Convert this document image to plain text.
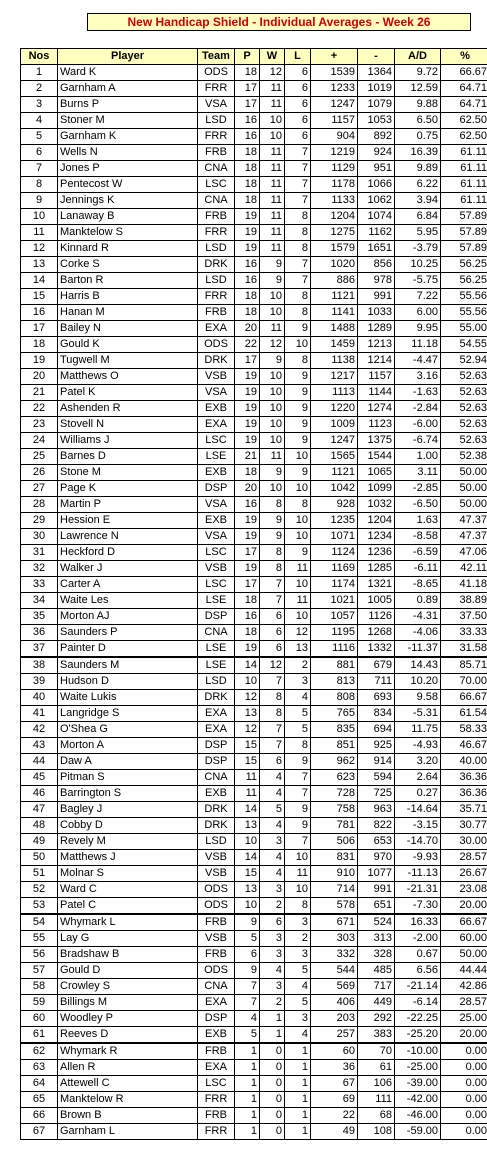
New Handicap Shield - Individual Averages - Week 26
Nos	Player	Team	P	W	L	+	-	A/D	%
1	Ward K	ODS	18	12	6	1539	1364	9.72	66.67
2	Garnham A	FRR	17	11	6	1233	1019	12.59	64.71
3	Burns P	VSA	17	11	6	1247	1079	9.88	64.71
4	Stoner M	LSD	16	10	6	1157	1053	6.50	62.50
5	Garnham K	FRR	16	10	6	904	892	0.75	62.50
6	Wells N	FRB	18	11	7	1219	924	16.39	61.11
7	Jones P	CNA	18	11	7	1129	951	9.89	61.11
8	Pentecost W	LSC	18	11	7	1178	1066	6.22	61.11
9	Jennings K	CNA	18	11	7	1133	1062	3.94	61.11
10	Lanaway B	FRB	19	11	8	1204	1074	6.84	57.89
11	Manktelow S	FRR	19	11	8	1275	1162	5.95	57.89
12	Kinnard R	LSD	19	11	8	1579	1651	-3.79	57.89
13	Corke S	DRK	16	9	7	1020	856	10.25	56.25
14	Barton R	LSD	16	9	7	886	978	-5.75	56.25
15	Harris B	FRR	18	10	8	1121	991	7.22	55.56
16	Hanan M	FRB	18	10	8	1141	1033	6.00	55.56
17	Bailey N	EXA	20	11	9	1488	1289	9.95	55.00
18	Gould K	ODS	22	12	10	1459	1213	11.18	54.55
19	Tugwell M	DRK	17	9	8	1138	1214	-4.47	52.94
20	Matthews O	VSB	19	10	9	1217	1157	3.16	52.63
21	Patel K	VSA	19	10	9	1113	1144	-1.63	52.63
22	Ashenden R	EXB	19	10	9	1220	1274	-2.84	52.63
23	Stovell N	EXA	19	10	9	1009	1123	-6.00	52.63
24	Williams J	LSC	19	10	9	1247	1375	-6.74	52.63
25	Barnes D	LSE	21	11	10	1565	1544	1.00	52.38
26	Stone M	EXB	18	9	9	1121	1065	3.11	50.00
27	Page K	DSP	20	10	10	1042	1099	-2.85	50.00
28	Martin P	VSA	16	8	8	928	1032	-6.50	50.00
29	Hession E	EXB	19	9	10	1235	1204	1.63	47.37
30	Lawrence N	VSA	19	9	10	1071	1234	-8.58	47.37
31	Heckford D	LSC	17	8	9	1124	1236	-6.59	47.06
32	Walker J	VSB	19	8	11	1169	1285	-6.11	42.11
33	Carter A	LSC	17	7	10	1174	1321	-8.65	41.18
34	Waite Les	LSE	18	7	11	1021	1005	0.89	38.89
35	Morton AJ	DSP	16	6	10	1057	1126	-4.31	37.50
36	Saunders P	CNA	18	6	12	1195	1268	-4.06	33.33
37	Painter D	LSE	19	6	13	1116	1332	-11.37	31.58
38	Saunders M	LSE	14	12	2	881	679	14.43	85.71
39	Hudson D	LSD	10	7	3	813	711	10.20	70.00
40	Waite Lukis	DRK	12	8	4	808	693	9.58	66.67
41	Langridge S	EXA	13	8	5	765	834	-5.31	61.54
42	O'Shea G	EXA	12	7	5	835	694	11.75	58.33
43	Morton A	DSP	15	7	8	851	925	-4.93	46.67
44	Daw A	DSP	15	6	9	962	914	3.20	40.00
45	Pitman S	CNA	11	4	7	623	594	2.64	36.36
46	Barrington S	EXB	11	4	7	728	725	0.27	36.36
47	Bagley J	DRK	14	5	9	758	963	-14.64	35.71
48	Cobby D	DRK	13	4	9	781	822	-3.15	30.77
49	Revely M	LSD	10	3	7	506	653	-14.70	30.00
50	Matthews J	VSB	14	4	10	831	970	-9.93	28.57
51	Molnar S	VSB	15	4	11	910	1077	-11.13	26.67
52	Ward C	ODS	13	3	10	714	991	-21.31	23.08
53	Patel C	ODS	10	2	8	578	651	-7.30	20.00
54	Whymark L	FRB	9	6	3	671	524	16.33	66.67
55	Lay G	VSB	5	3	2	303	313	-2.00	60.00
56	Bradshaw B	FRB	6	3	3	332	328	0.67	50.00
57	Gould D	ODS	9	4	5	544	485	6.56	44.44
58	Crowley S	CNA	7	3	4	569	717	-21.14	42.86
59	Billings M	EXA	7	2	5	406	449	-6.14	28.57
60	Woodley P	DSP	4	1	3	203	292	-22.25	25.00
61	Reeves D	EXB	5	1	4	257	383	-25.20	20.00
62	Whymark R	FRB	1	0	1	60	70	-10.00	0.00
63	Allen R	EXA	1	0	1	36	61	-25.00	0.00
64	Attewell C	LSC	1	0	1	67	106	-39.00	0.00
65	Manktelow R	FRR	1	0	1	69	111	-42.00	0.00
66	Brown B	FRB	1	0	1	22	68	-46.00	0.00
67	Garnham L	FRR	1	0	1	49	108	-59.00	0.00
